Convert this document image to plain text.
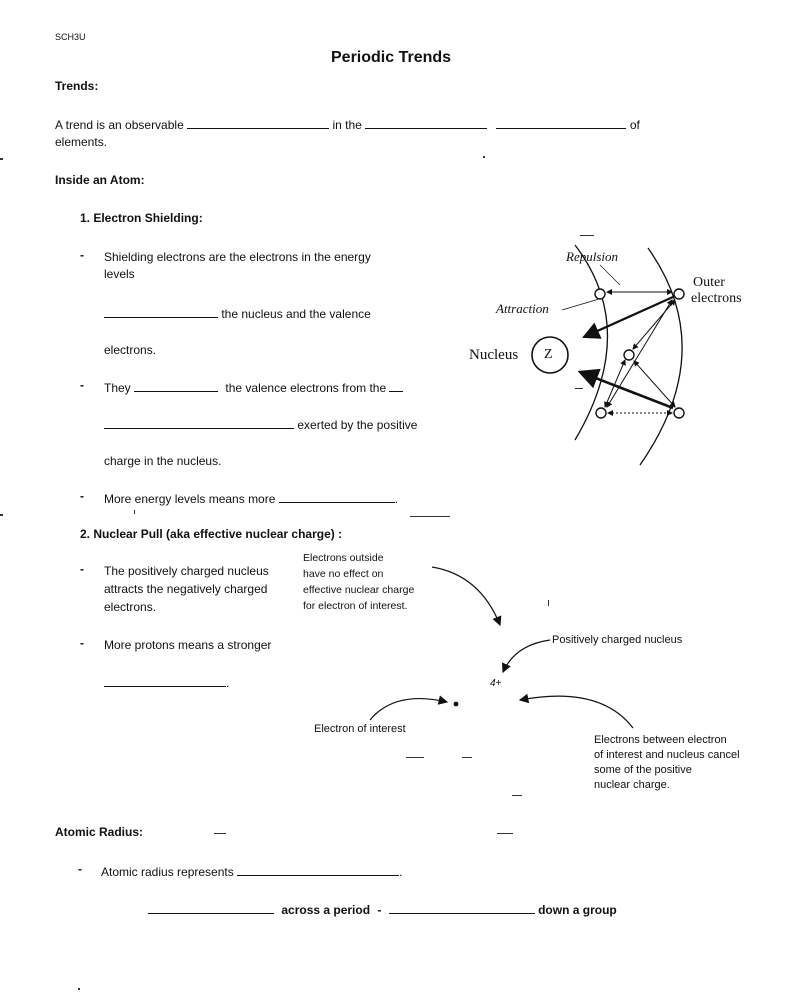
SCH3U
Periodic Trends
Trends:
A trend is an observable	in the	of
elements.
Inside an Atom:
1. Electron Shielding:
- Shielding electrons are the electrons in the energy
levels
the nucleus and the valence
electrons.
- They	the valence electrons from the
exerted by the positive
charge in the nucleus.
- More energy levels means more	.
Repulsion
Attraction
Nucleus Z
Outer
electrons
2. Nuclear Pull (aka effective nuclear charge) :
- The positively charged nucleus
attracts the negatively charged
electrons.
- More protons means a stronger
.
Electrons outside
have no effect on
effective nuclear charge
for electron of interest.
Positively charged nucleus
4+
Electron of interest
Electrons between electron
of interest and nucleus cancel
some of the positive
nuclear charge.
Atomic Radius:
- Atomic radius represents	.
across a period -	down a group
